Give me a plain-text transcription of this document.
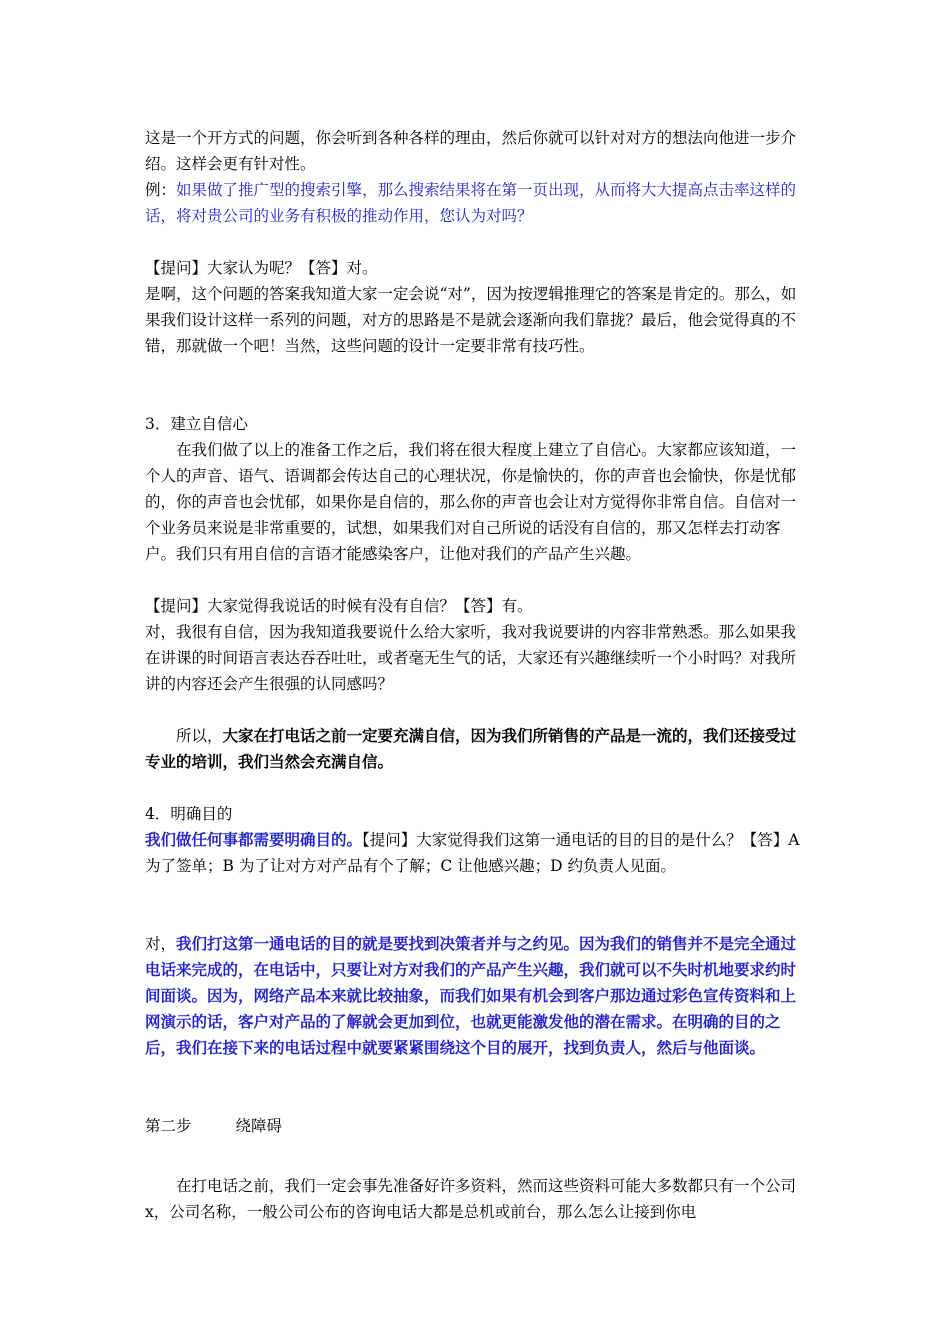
这是一个开方式的问题，你会听到各种各样的理由，然后你就可以针对对方的想法向他进一步介绍。这样会更有针对性。

例：如果做了推广型的搜索引擎，那么搜索结果将在第一页出现，从而将大大提高点击率这样的话，将对贵公司的业务有积极的推动作用，您认为对吗？

【提问】大家认为呢？【答】对。

是啊，这个问题的答案我知道大家一定会说“对”，因为按逻辑推理它的答案是肯定的。那么，如果我们设计这样一系列的问题，对方的思路是不是就会逐渐向我们靠拢？最后，他会觉得真的不错，那就做一个吧！当然，这些问题的设计一定要非常有技巧性。

3．建立自信心

在我们做了以上的准备工作之后，我们将在很大程度上建立了自信心。大家都应该知道，一个人的声音、语气、语调都会传达自己的心理状况，你是愉快的，你的声音也会愉快，你是忧郁的，你的声音也会忧郁，如果你是自信的，那么你的声音也会让对方觉得你非常自信。自信对一个业务员来说是非常重要的，试想，如果我们对自己所说的话没有自信的，那又怎样去打动客户。我们只有用自信的言语才能感染客户，让他对我们的产品产生兴趣。

【提问】大家觉得我说话的时候有没有自信？【答】有。

对，我很有自信，因为我知道我要说什么给大家听，我对我说要讲的内容非常熟悉。那么如果我在讲课的时间语言表达吞吞吐吐，或者毫无生气的话，大家还有兴趣继续听一个小时吗？对我所讲的内容还会产生很强的认同感吗？

所以，大家在打电话之前一定要充满自信，因为我们所销售的产品是一流的，我们还接受过专业的培训，我们当然会充满自信。

4．明确目的

我们做任何事都需要明确目的。【提问】大家觉得我们这第一通电话的目的目的是什么？【答】A 为了签单；B 为了让对方对产品有个了解；C 让他感兴趣；D 约负责人见面。

对，我们打这第一通电话的目的就是要找到决策者并与之约见。因为我们的销售并不是完全通过电话来完成的，在电话中，只要让对方对我们的产品产生兴趣，我们就可以不失时机地要求约时间面谈。因为，网络产品本来就比较抽象，而我们如果有机会到客户那边通过彩色宣传资料和上网演示的话，客户对产品的了解就会更加到位，也就更能激发他的潜在需求。在明确的目的之后，我们在接下来的电话过程中就要紧紧围绕这个目的展开，找到负责人，然后与他面谈。

第二步	绕障碍

在打电话之前，我们一定会事先准备好许多资料，然而这些资料可能大多数都只有一个公司 x，公司名称，一般公司公布的咨询电话大都是总机或前台，那么怎么让接到你电
